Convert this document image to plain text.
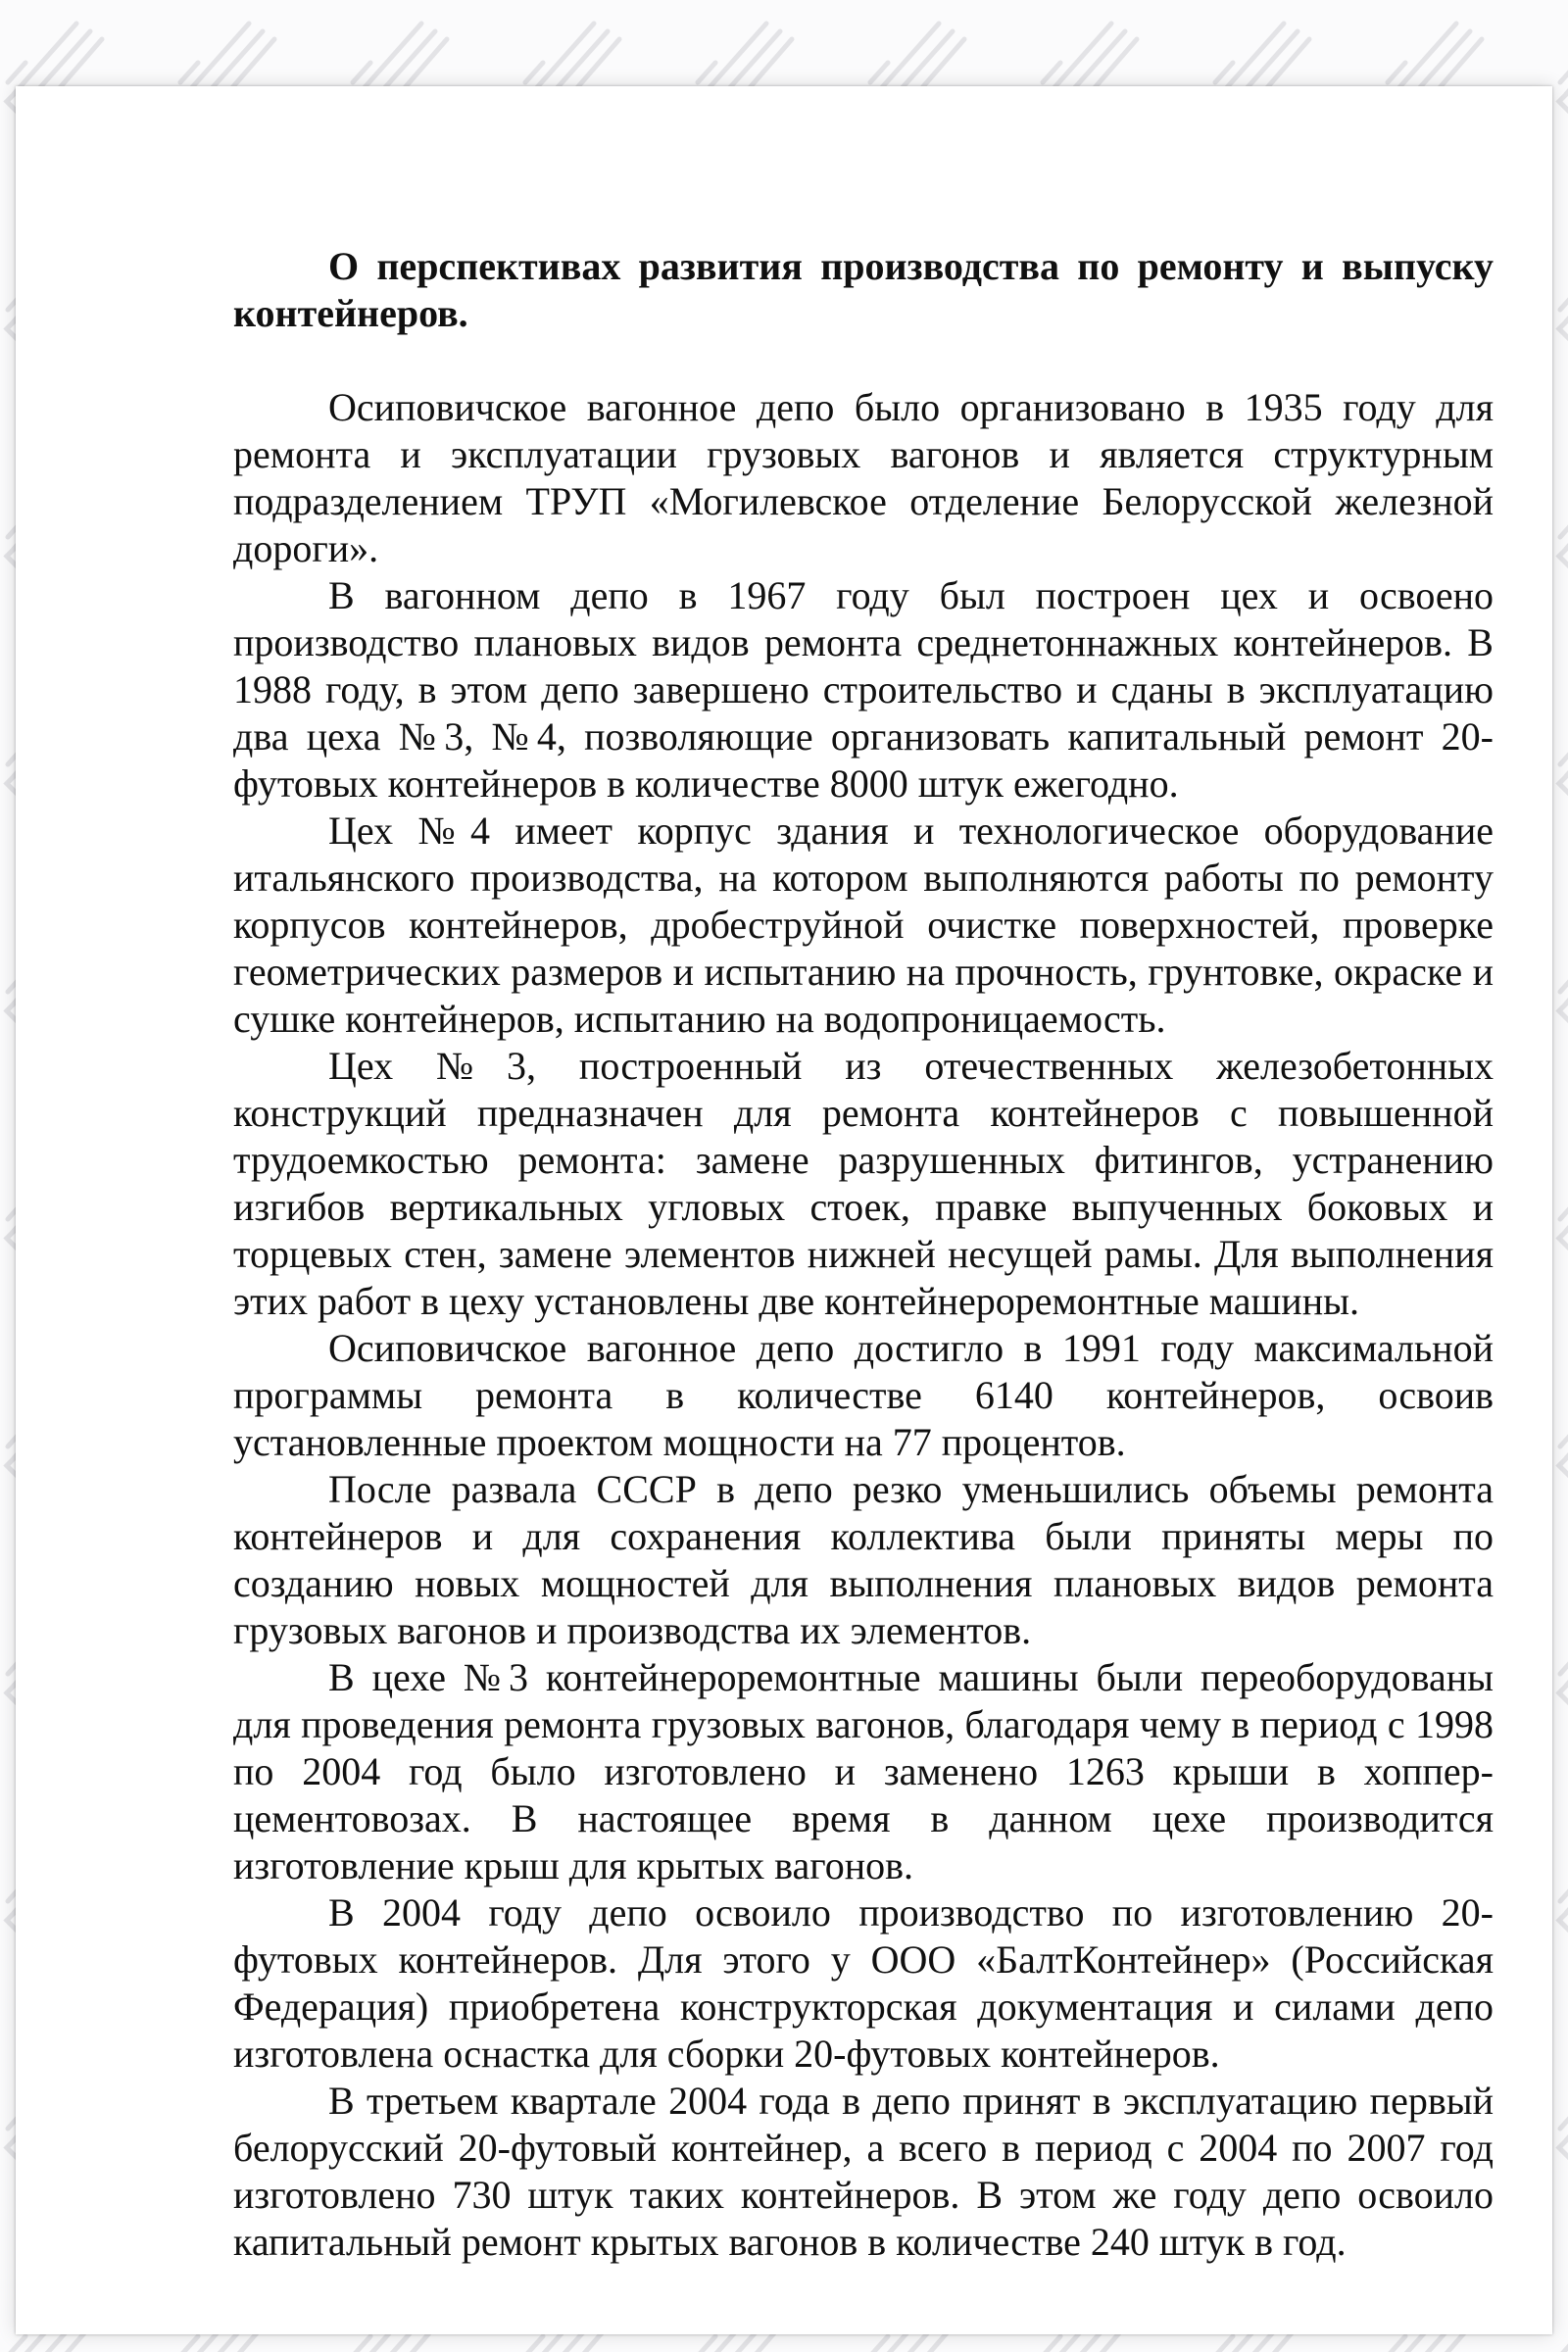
О перспективах развития производства по ремонту и выпуску контейнеров.

Осиповичское вагонное депо было организовано в 1935 году для ремонта и эксплуатации грузовых вагонов и является структурным подразделением ТРУП «Могилевское отделение Белорусской железной дороги».

В вагонном депо в 1967 году был построен цех и освоено производство плановых видов ремонта среднетоннажных контейнеров. В 1988 году, в этом депо завершено строительство и сданы в эксплуатацию два цеха №3, №4, позволяющие организовать капитальный ремонт 20-футовых контейнеров в количестве 8000 штук ежегодно.

Цех №4 имеет корпус здания и технологическое оборудование итальянского производства, на котором выполняются работы по ремонту корпусов контейнеров, дробеструйной очистке поверхностей, проверке геометрических размеров и испытанию на прочность, грунтовке, окраске и сушке контейнеров, испытанию на водопроницаемость.

Цех №3, построенный из отечественных железобетонных конструкций предназначен для ремонта контейнеров с повышенной трудоемкостью ремонта: замене разрушенных фитингов, устранению изгибов вертикальных угловых стоек, правке выпученных боковых и торцевых стен, замене элементов нижней несущей рамы. Для выполнения этих работ в цеху установлены две контейнероремонтные машины.

Осиповичское вагонное депо достигло в 1991 году максимальной программы ремонта в количестве 6140 контейнеров, освоив установленные проектом мощности на 77 процентов.

После развала СССР в депо резко уменьшились объемы ремонта контейнеров и для сохранения коллектива были приняты меры по созданию новых мощностей для выполнения плановых видов ремонта грузовых вагонов и производства их элементов.

В цехе №3 контейнероремонтные машины были переоборудованы для проведения ремонта грузовых вагонов, благодаря чему в период с 1998 по 2004 год было изготовлено и заменено 1263 крыши в хоппер-цементовозах. В настоящее время в данном цехе производится изготовление крыш для крытых вагонов.

В 2004 году депо освоило производство по изготовлению 20-футовых контейнеров. Для этого у ООО «БалтКонтейнер» (Российская Федерация) приобретена конструкторская документация и силами депо изготовлена оснастка для сборки 20-футовых контейнеров.

В третьем квартале 2004 года в депо принят в эксплуатацию первый белорусский 20-футовый контейнер, а всего в период с 2004 по 2007 год изготовлено 730 штук таких контейнеров. В этом же году депо освоило капитальный ремонт крытых вагонов в количестве 240 штук в год.
